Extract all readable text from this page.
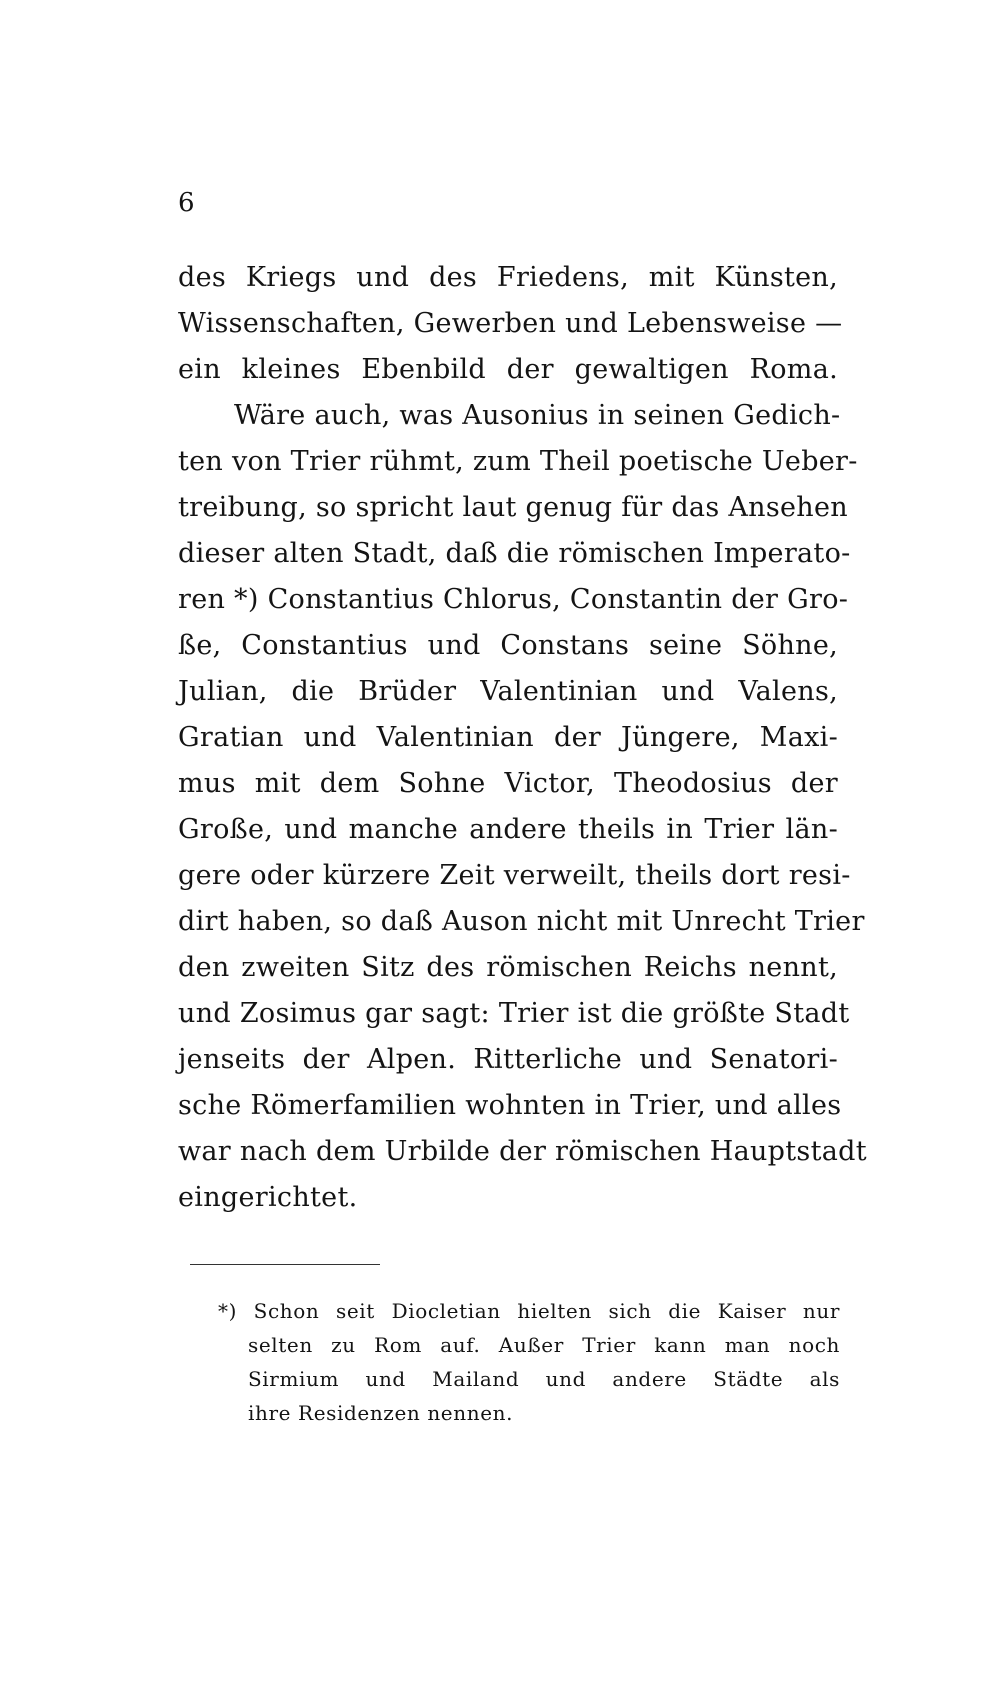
6
des Kriegs und des Friedens, mit Künsten,
Wissenschaften, Gewerben und Lebensweise —
ein kleines Ebenbild der gewaltigen Roma.
Wäre auch, was Ausonius in seinen Gedich-
ten von Trier rühmt, zum Theil poetische Ueber-
treibung, so spricht laut genug für das Ansehen
dieser alten Stadt, daß die römischen Imperato-
ren *) Constantius Chlorus, Constantin der Gro-
ße, Constantius und Constans seine Söhne,
Julian, die Brüder Valentinian und Valens,
Gratian und Valentinian der Jüngere, Maxi-
mus mit dem Sohne Victor, Theodosius der
Große, und manche andere theils in Trier län-
gere oder kürzere Zeit verweilt, theils dort resi-
dirt haben, so daß Auson nicht mit Unrecht Trier
den zweiten Sitz des römischen Reichs nennt,
und Zosimus gar sagt: Trier ist die größte Stadt
jenseits der Alpen. Ritterliche und Senatori-
sche Römerfamilien wohnten in Trier, und alles
war nach dem Urbilde der römischen Hauptstadt
eingerichtet.
*) Schon seit Diocletian hielten sich die Kaiser nur
selten zu Rom auf. Außer Trier kann man noch
Sirmium und Mailand und andere Städte als
ihre Residenzen nennen.
